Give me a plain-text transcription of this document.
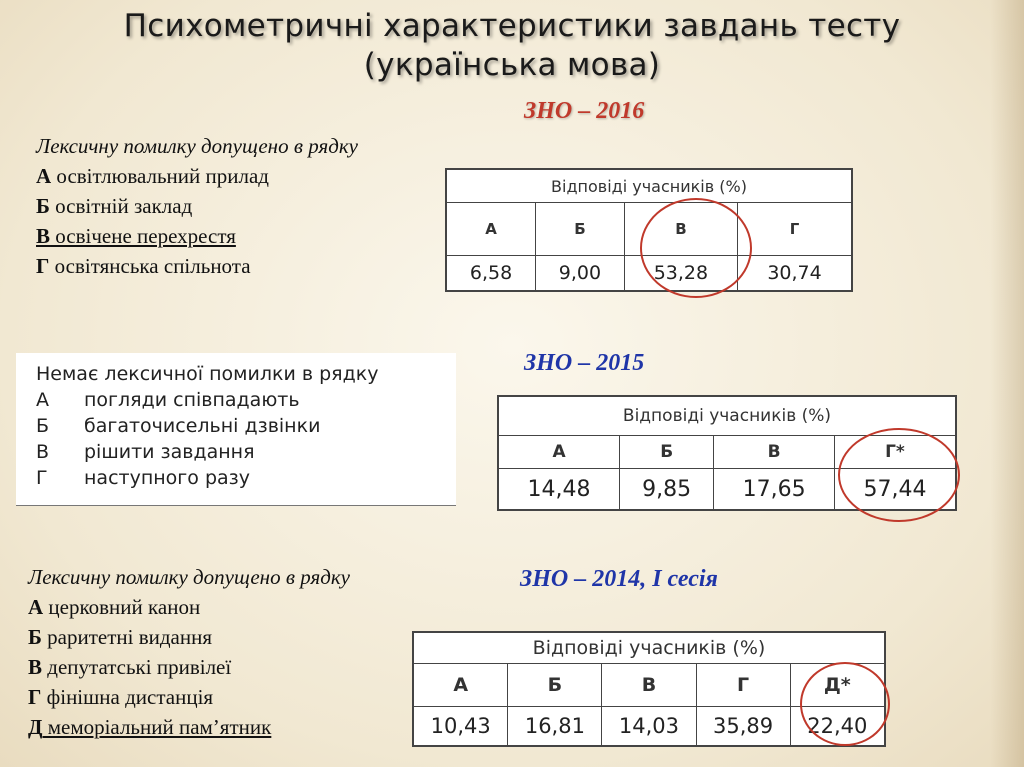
Психометричні характеристики завдань тесту
(українська мова)
ЗНО – 2016
Лексичну помилку допущено в рядку
А освітлювальний прилад
Б освітній заклад
В освічене перехрестя
Г освітянська спільнота
Відповіді учасників (%)			
А	Б	В	Г
6,58	9,00	53,28	30,74
Немає лексичної помилки в рядку
А	погляди співпадають
Б	багаточисельні дзвінки
В	рішити завдання
Г	наступного разу
ЗНО – 2015
Відповіді учасників (%)			
А	Б	В	Г*
14,48	9,85	17,65	57,44
Лексичну помилку допущено в рядку
А церковний канон
Б раритетні видання
В депутатські привілеї
Г фінішна дистанція
Д меморіальний пам’ятник
ЗНО – 2014, І сесія
Відповіді учасників (%)				
А	Б	В	Г	Д*
10,43	16,81	14,03	35,89	22,40
